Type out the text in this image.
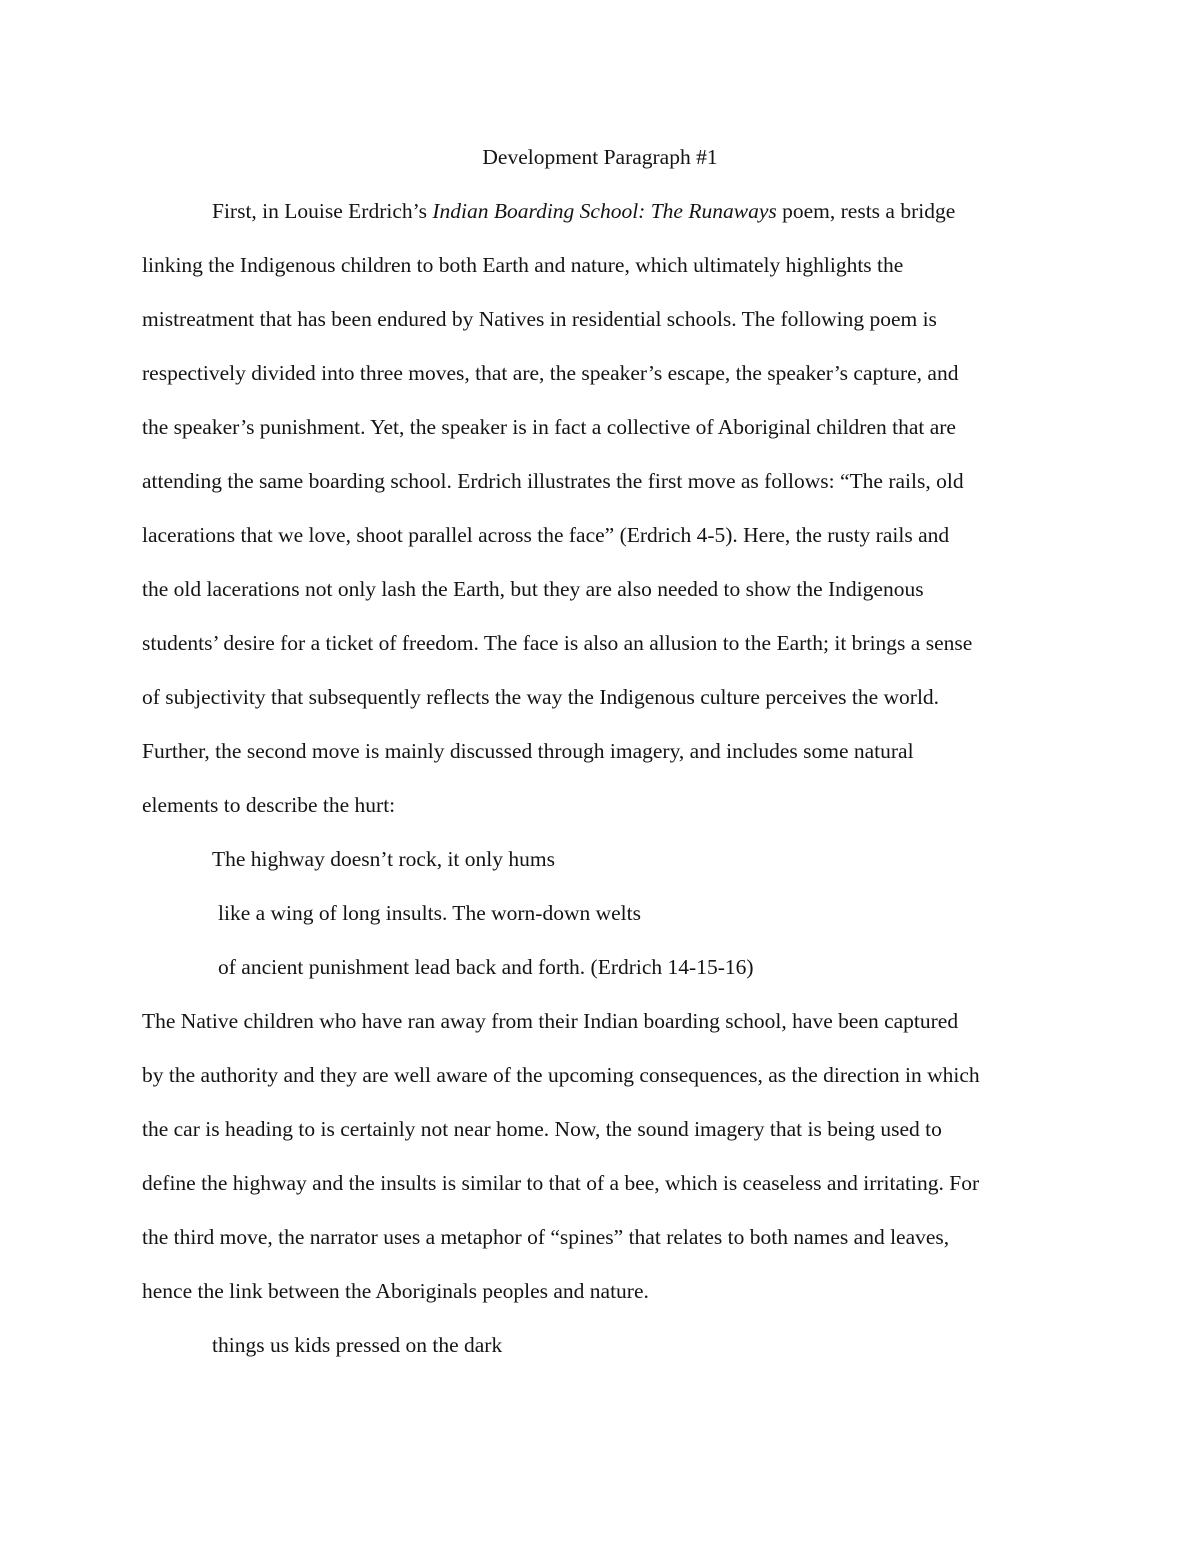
Development Paragraph #1
First, in Louise Erdrich’s Indian Boarding School: The Runaways poem, rests a bridge
linking the Indigenous children to both Earth and nature, which ultimately highlights the
mistreatment that has been endured by Natives in residential schools. The following poem is
respectively divided into three moves, that are, the speaker’s escape, the speaker’s capture, and
the speaker’s punishment. Yet, the speaker is in fact a collective of Aboriginal children that are
attending the same boarding school. Erdrich illustrates the first move as follows: “The rails, old
lacerations that we love, shoot parallel across the face” (Erdrich 4-5). Here, the rusty rails and
the old lacerations not only lash the Earth, but they are also needed to show the Indigenous
students’ desire for a ticket of freedom. The face is also an allusion to the Earth; it brings a sense
of subjectivity that subsequently reflects the way the Indigenous culture perceives the world.
Further, the second move is mainly discussed through imagery, and includes some natural
elements to describe the hurt:
The highway doesn’t rock, it only hums
like a wing of long insults. The worn-down welts
of ancient punishment lead back and forth. (Erdrich 14-15-16)
The Native children who have ran away from their Indian boarding school, have been captured
by the authority and they are well aware of the upcoming consequences, as the direction in which
the car is heading to is certainly not near home. Now, the sound imagery that is being used to
define the highway and the insults is similar to that of a bee, which is ceaseless and irritating. For
the third move, the narrator uses a metaphor of “spines” that relates to both names and leaves,
hence the link between the Aboriginals peoples and nature.
things us kids pressed on the dark
